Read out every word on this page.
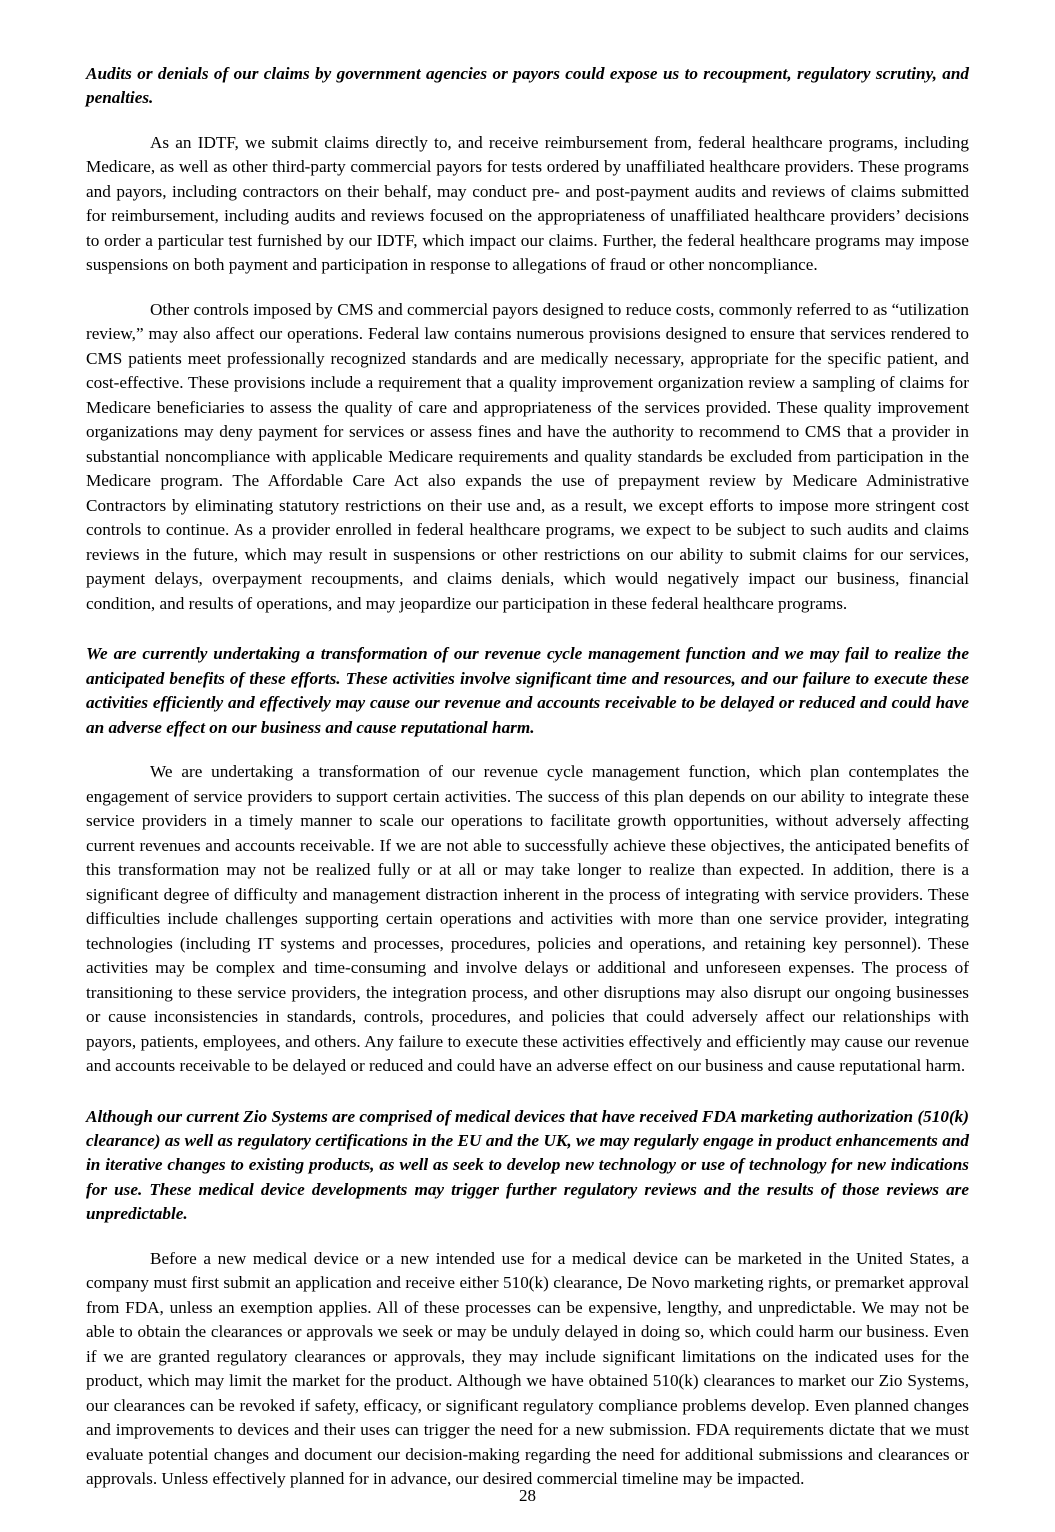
Audits or denials of our claims by government agencies or payors could expose us to recoupment, regulatory scrutiny, and penalties.

As an IDTF, we submit claims directly to, and receive reimbursement from, federal healthcare programs, including Medicare, as well as other third-party commercial payors for tests ordered by unaffiliated healthcare providers. These programs and payors, including contractors on their behalf, may conduct pre- and post-payment audits and reviews of claims submitted for reimbursement, including audits and reviews focused on the appropriateness of unaffiliated healthcare providers’ decisions to order a particular test furnished by our IDTF, which impact our claims. Further, the federal healthcare programs may impose suspensions on both payment and participation in response to allegations of fraud or other noncompliance.

Other controls imposed by CMS and commercial payors designed to reduce costs, commonly referred to as “utilization review,” may also affect our operations. Federal law contains numerous provisions designed to ensure that services rendered to CMS patients meet professionally recognized standards and are medically necessary, appropriate for the specific patient, and cost-effective. These provisions include a requirement that a quality improvement organization review a sampling of claims for Medicare beneficiaries to assess the quality of care and appropriateness of the services provided. These quality improvement organizations may deny payment for services or assess fines and have the authority to recommend to CMS that a provider in substantial noncompliance with applicable Medicare requirements and quality standards be excluded from participation in the Medicare program. The Affordable Care Act also expands the use of prepayment review by Medicare Administrative Contractors by eliminating statutory restrictions on their use and, as a result, we except efforts to impose more stringent cost controls to continue. As a provider enrolled in federal healthcare programs, we expect to be subject to such audits and claims reviews in the future, which may result in suspensions or other restrictions on our ability to submit claims for our services, payment delays, overpayment recoupments, and claims denials, which would negatively impact our business, financial condition, and results of operations, and may jeopardize our participation in these federal healthcare programs.

We are currently undertaking a transformation of our revenue cycle management function and we may fail to realize the anticipated benefits of these efforts. These activities involve significant time and resources, and our failure to execute these activities efficiently and effectively may cause our revenue and accounts receivable to be delayed or reduced and could have an adverse effect on our business and cause reputational harm.

We are undertaking a transformation of our revenue cycle management function, which plan contemplates the engagement of service providers to support certain activities. The success of this plan depends on our ability to integrate these service providers in a timely manner to scale our operations to facilitate growth opportunities, without adversely affecting current revenues and accounts receivable. If we are not able to successfully achieve these objectives, the anticipated benefits of this transformation may not be realized fully or at all or may take longer to realize than expected. In addition, there is a significant degree of difficulty and management distraction inherent in the process of integrating with service providers. These difficulties include challenges supporting certain operations and activities with more than one service provider, integrating technologies (including IT systems and processes, procedures, policies and operations, and retaining key personnel). These activities may be complex and time-consuming and involve delays or additional and unforeseen expenses. The process of transitioning to these service providers, the integration process, and other disruptions may also disrupt our ongoing businesses or cause inconsistencies in standards, controls, procedures, and policies that could adversely affect our relationships with payors, patients, employees, and others. Any failure to execute these activities effectively and efficiently may cause our revenue and accounts receivable to be delayed or reduced and could have an adverse effect on our business and cause reputational harm.

Although our current Zio Systems are comprised of medical devices that have received FDA marketing authorization (510(k) clearance) as well as regulatory certifications in the EU and the UK, we may regularly engage in product enhancements and in iterative changes to existing products, as well as seek to develop new technology or use of technology for new indications for use. These medical device developments may trigger further regulatory reviews and the results of those reviews are unpredictable.

Before a new medical device or a new intended use for a medical device can be marketed in the United States, a company must first submit an application and receive either 510(k) clearance, De Novo marketing rights, or premarket approval from FDA, unless an exemption applies. All of these processes can be expensive, lengthy, and unpredictable. We may not be able to obtain the clearances or approvals we seek or may be unduly delayed in doing so, which could harm our business. Even if we are granted regulatory clearances or approvals, they may include significant limitations on the indicated uses for the product, which may limit the market for the product. Although we have obtained 510(k) clearances to market our Zio Systems, our clearances can be revoked if safety, efficacy, or significant regulatory compliance problems develop. Even planned changes and improvements to devices and their uses can trigger the need for a new submission. FDA requirements dictate that we must evaluate potential changes and document our decision-making regarding the need for additional submissions and clearances or approvals. Unless effectively planned for in advance, our desired commercial timeline may be impacted.

28
